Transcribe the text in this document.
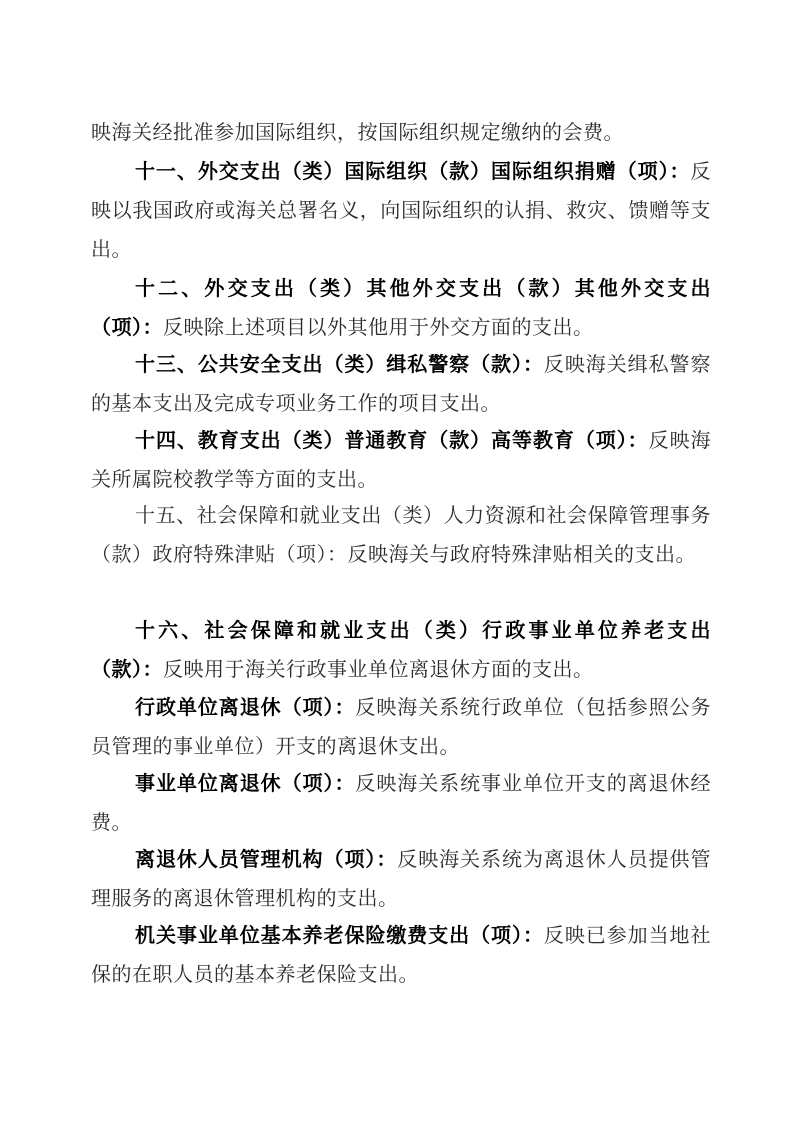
映海关经批准参加国际组织，按国际组织规定缴纳的会费。

十一、外交支出（类）国际组织（款）国际组织捐赠（项）：反映以我国政府或海关总署名义，向国际组织的认捐、救灾、馈赠等支出。

十二、外交支出（类）其他外交支出（款）其他外交支出（项）：反映除上述项目以外其他用于外交方面的支出。

十三、公共安全支出（类）缉私警察（款）：反映海关缉私警察的基本支出及完成专项业务工作的项目支出。

十四、教育支出（类）普通教育（款）高等教育（项）：反映海关所属院校教学等方面的支出。

十五、社会保障和就业支出（类）人力资源和社会保障管理事务（款）政府特殊津贴（项）：反映海关与政府特殊津贴相关的支出。

十六、社会保障和就业支出（类）行政事业单位养老支出（款）：反映用于海关行政事业单位离退休方面的支出。

行政单位离退休（项）：反映海关系统行政单位（包括参照公务员管理的事业单位）开支的离退休支出。

事业单位离退休（项）：反映海关系统事业单位开支的离退休经费。

离退休人员管理机构（项）：反映海关系统为离退休人员提供管理服务的离退休管理机构的支出。

机关事业单位基本养老保险缴费支出（项）：反映已参加当地社保的在职人员的基本养老保险支出。
